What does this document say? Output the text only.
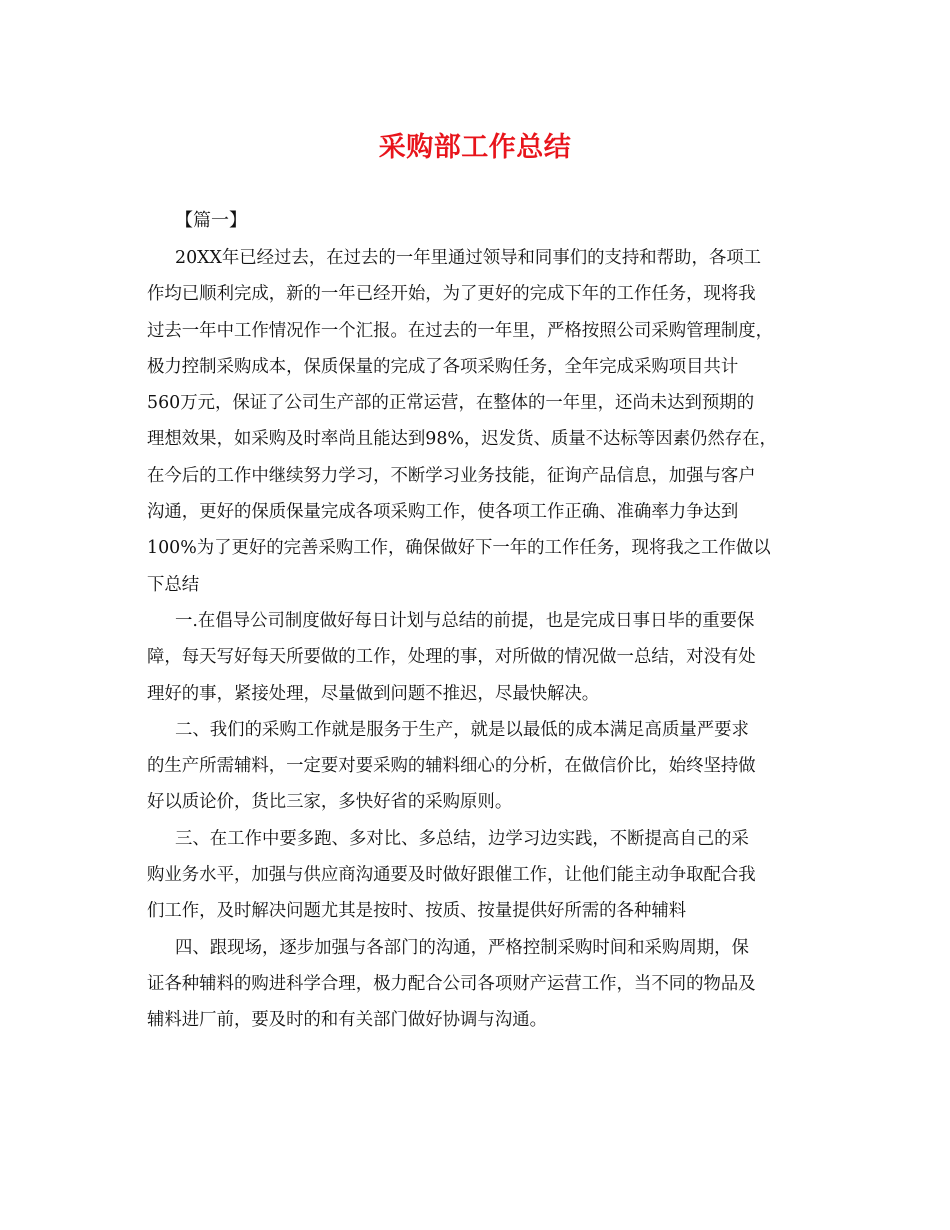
采购部工作总结
【篇一】
20XX年已经过去，在过去的一年里通过领导和同事们的支持和帮助，各项工
作均已顺利完成，新的一年已经开始，为了更好的完成下年的工作任务，现将我
过去一年中工作情况作一个汇报。在过去的一年里，严格按照公司采购管理制度，
极力控制采购成本，保质保量的完成了各项采购任务，全年完成采购项目共计
560万元，保证了公司生产部的正常运营，在整体的一年里，还尚未达到预期的
理想效果，如采购及时率尚且能达到98%，迟发货、质量不达标等因素仍然存在，
在今后的工作中继续努力学习，不断学习业务技能，征询产品信息，加强与客户
沟通，更好的保质保量完成各项采购工作，使各项工作正确、准确率力争达到
100%为了更好的完善采购工作，确保做好下一年的工作任务，现将我之工作做以
下总结
一.在倡导公司制度做好每日计划与总结的前提，也是完成日事日毕的重要保
障，每天写好每天所要做的工作，处理的事，对所做的情况做一总结，对没有处
理好的事，紧接处理，尽量做到问题不推迟，尽最快解决。
二、我们的采购工作就是服务于生产，就是以最低的成本满足高质量严要求
的生产所需辅料，一定要对要采购的辅料细心的分析，在做信价比，始终坚持做
好以质论价，货比三家，多快好省的采购原则。
三、在工作中要多跑、多对比、多总结，边学习边实践，不断提高自己的采
购业务水平，加强与供应商沟通要及时做好跟催工作，让他们能主动争取配合我
们工作，及时解决问题尤其是按时、按质、按量提供好所需的各种辅料
四、跟现场，逐步加强与各部门的沟通，严格控制采购时间和采购周期，保
证各种辅料的购进科学合理，极力配合公司各项财产运营工作，当不同的物品及
辅料进厂前，要及时的和有关部门做好协调与沟通。
